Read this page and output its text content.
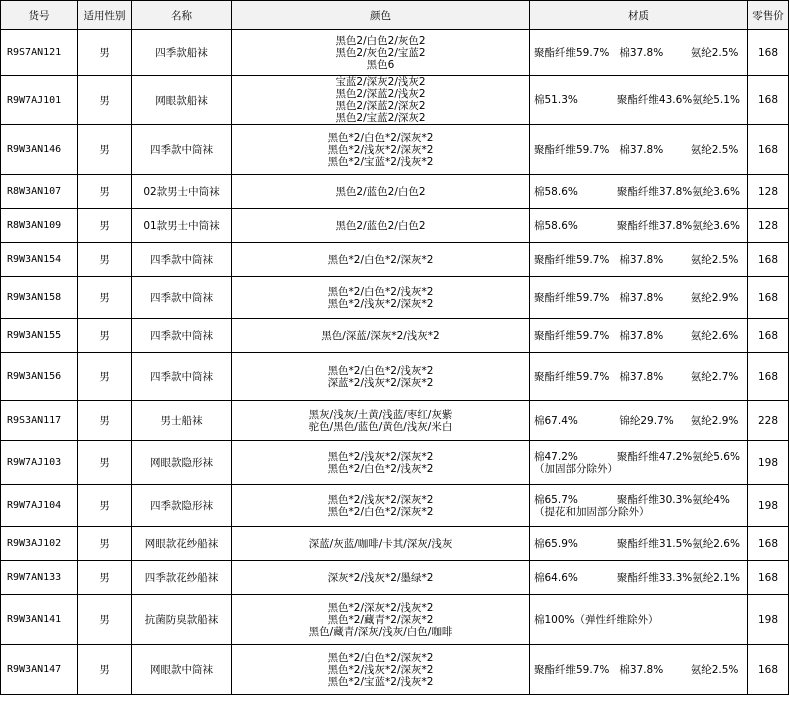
货号	适用性别	名称	颜色	材质	零售价
R9S7AN121	男	四季款船袜	黑色2/白色2/灰色2
黑色2/灰色2/宝蓝2
黑色6	聚酯纤维59.7% 棉37.8% 氨纶2.5%	168
R9W7AJ101	男	网眼款船袜	宝蓝2/深灰2/浅灰2
黑色2/深蓝2/浅灰2
黑色2/深蓝2/深灰2
黑色2/宝蓝2/深灰2	棉51.3% 聚酯纤维43.6% 氨纶5.1%	168
R9W3AN146	男	四季款中筒袜	黑色*2/白色*2/深灰*2
黑色*2/浅灰*2/深灰*2
黑色*2/宝蓝*2/浅灰*2	聚酯纤维59.7% 棉37.8% 氨纶2.5%	168
R8W3AN107	男	02款男士中筒袜	黑色2/蓝色2/白色2	棉58.6% 聚酯纤维37.8% 氨纶3.6%	128
R8W3AN109	男	01款男士中筒袜	黑色2/蓝色2/白色2	棉58.6% 聚酯纤维37.8% 氨纶3.6%	128
R9W3AN154	男	四季款中筒袜	黑色*2/白色*2/深灰*2	聚酯纤维59.7% 棉37.8% 氨纶2.5%	168
R9W3AN158	男	四季款中筒袜	黑色*2/白色*2/浅灰*2
黑色*2/浅灰*2/深灰*2	聚酯纤维59.7% 棉37.8% 氨纶2.9%	168
R9W3AN155	男	四季款中筒袜	黑色/深蓝/深灰*2/浅灰*2	聚酯纤维59.7% 棉37.8% 氨纶2.6%	168
R9W3AN156	男	四季款中筒袜	黑色*2/白色*2/浅灰*2
深蓝*2/浅灰*2/深灰*2	聚酯纤维59.7% 棉37.8% 氨纶2.7%	168
R9S3AN117	男	男士船袜	黑灰/浅灰/土黄/浅蓝/枣红/灰紫
驼色/黑色/蓝色/黄色/浅灰/米白	棉67.4% 锦纶29.7% 氨纶2.9%	228
R9W7AJ103	男	网眼款隐形袜	黑色*2/浅灰*2/深灰*2
黑色*2/白色*2/浅灰*2	棉47.2% 聚酯纤维47.2% 氨纶5.6%
（加固部分除外）	198
R9W7AJ104	男	四季款隐形袜	黑色*2/浅灰*2/深灰*2
黑色*2/白色*2/深灰*2	棉65.7% 聚酯纤维30.3% 氨纶4%
（提花和加固部分除外）	198
R9W3AJ102	男	网眼款花纱船袜	深蓝/灰蓝/咖啡/卡其/深灰/浅灰	棉65.9% 聚酯纤维31.5% 氨纶2.6%	168
R9W7AN133	男	四季款花纱船袜	深灰*2/浅灰*2/墨绿*2	棉64.6% 聚酯纤维33.3% 氨纶2.1%	168
R9W3AN141	男	抗菌防臭款船袜	黑色*2/深灰*2/浅灰*2
黑色*2/藏青*2/深灰*2
黑色/藏青/深灰/浅灰/白色/咖啡	棉100%（弹性纤维除外）	198
R9W3AN147	男	网眼款中筒袜	黑色*2/白色*2/深灰*2
黑色*2/浅灰*2/深灰*2
黑色*2/宝蓝*2/浅灰*2	聚酯纤维59.7% 棉37.8% 氨纶2.5%	168
